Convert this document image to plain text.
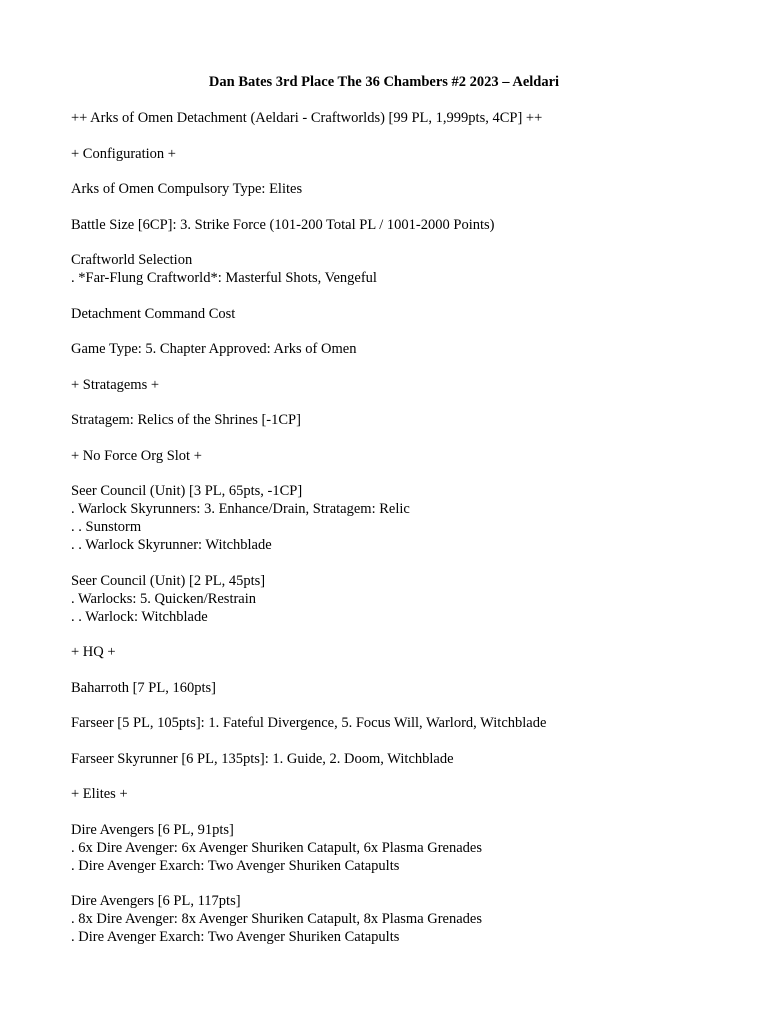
Dan Bates 3rd Place The 36 Chambers #2 2023 – Aeldari
++ Arks of Omen Detachment (Aeldari - Craftworlds) [99 PL, 1,999pts, 4CP] ++
+ Configuration +
Arks of Omen Compulsory Type: Elites
Battle Size [6CP]: 3. Strike Force (101-200 Total PL / 1001-2000 Points)
Craftworld Selection
. *Far-Flung Craftworld*: Masterful Shots, Vengeful
Detachment Command Cost
Game Type: 5. Chapter Approved: Arks of Omen
+ Stratagems +
Stratagem: Relics of the Shrines [-1CP]
+ No Force Org Slot +
Seer Council (Unit) [3 PL, 65pts, -1CP]
. Warlock Skyrunners: 3. Enhance/Drain, Stratagem: Relic
. . Sunstorm
. . Warlock Skyrunner: Witchblade
Seer Council (Unit) [2 PL, 45pts]
. Warlocks: 5. Quicken/Restrain
. . Warlock: Witchblade
+ HQ +
Baharroth [7 PL, 160pts]
Farseer [5 PL, 105pts]: 1. Fateful Divergence, 5. Focus Will, Warlord, Witchblade
Farseer Skyrunner [6 PL, 135pts]: 1. Guide, 2. Doom, Witchblade
+ Elites +
Dire Avengers [6 PL, 91pts]
. 6x Dire Avenger: 6x Avenger Shuriken Catapult, 6x Plasma Grenades
. Dire Avenger Exarch: Two Avenger Shuriken Catapults
Dire Avengers [6 PL, 117pts]
. 8x Dire Avenger: 8x Avenger Shuriken Catapult, 8x Plasma Grenades
. Dire Avenger Exarch: Two Avenger Shuriken Catapults
